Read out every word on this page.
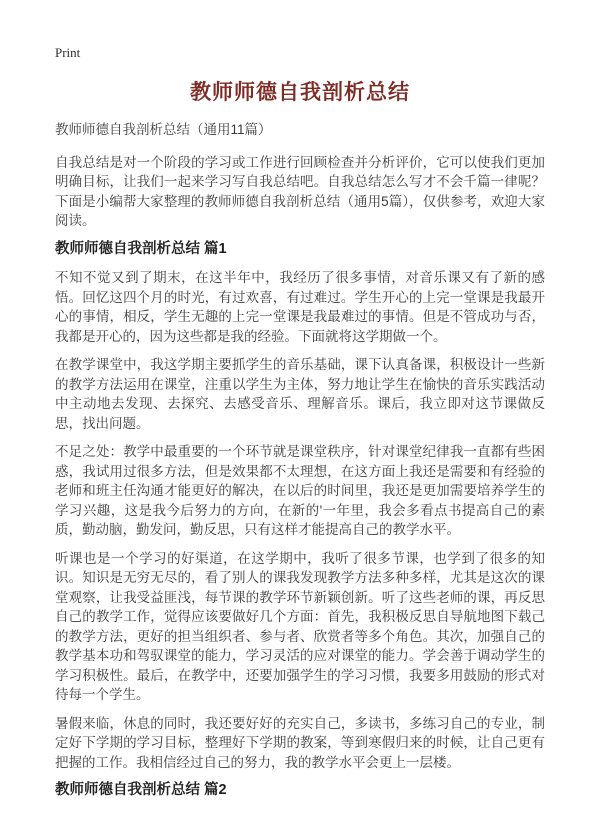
Print
教师师德自我剖析总结

教师师德自我剖析总结（通用11篇）

自我总结是对一个阶段的学习或工作进行回顾检查并分析评价，它可以使我们更加明确目标，让我们一起来学习写自我总结吧。自我总结怎么写才不会千篇一律呢？下面是小编帮大家整理的教师师德自我剖析总结（通用5篇），仅供参考，欢迎大家阅读。

教师师德自我剖析总结 篇1

不知不觉又到了期末，在这半年中，我经历了很多事情，对音乐课又有了新的感悟。回忆这四个月的时光，有过欢喜，有过难过。学生开心的上完一堂课是我最开心的事情，相反，学生无趣的上完一堂课是我最难过的事情。但是不管成功与否，我都是开心的，因为这些都是我的经验。下面就将这学期做一个。

在教学课堂中，我这学期主要抓学生的音乐基础，课下认真备课，积极设计一些新的教学方法运用在课堂，注重以学生为主体，努力地让学生在愉快的音乐实践活动中主动地去发现、去探究、去感受音乐、理解音乐。课后，我立即对这节课做反思，找出问题。

不足之处：教学中最重要的一个环节就是课堂秩序，针对课堂纪律我一直都有些困惑，我试用过很多方法，但是效果都不太理想，在这方面上我还是需要和有经验的老师和班主任沟通才能更好的解决，在以后的时间里，我还是更加需要培养学生的学习兴趣，这是我今后努力的方向，在新的'一年里，我会多看点书提高自己的素质，勤动脑，勤发问，勤反思，只有这样才能提高自己的教学水平。

听课也是一个学习的好渠道，在这学期中，我听了很多节课，也学到了很多的知识。知识是无穷无尽的，看了别人的课我发现教学方法多种多样，尤其是这次的课堂观察，让我受益匪浅，每节课的教学环节新颖创新。听了这些老师的课，再反思自己的教学工作，觉得应该要做好几个方面：首先，我积极反思自导航地图下载己的教学方法，更好的担当组织者、参与者、欣赏者等多个角色。其次，加强自己的教学基本功和驾驭课堂的能力，学习灵活的应对课堂的能力。学会善于调动学生的学习积极性。最后，在教学中，还要加强学生的学习习惯，我要多用鼓励的形式对待每一个学生。

暑假来临，休息的同时，我还要好好的充实自己，多读书，多练习自己的专业，制定好下学期的学习目标，整理好下学期的教案，等到寒假归来的时候，让自己更有把握的工作。我相信经过自己的努力，我的教学水平会更上一层楼。

教师师德自我剖析总结 篇2
